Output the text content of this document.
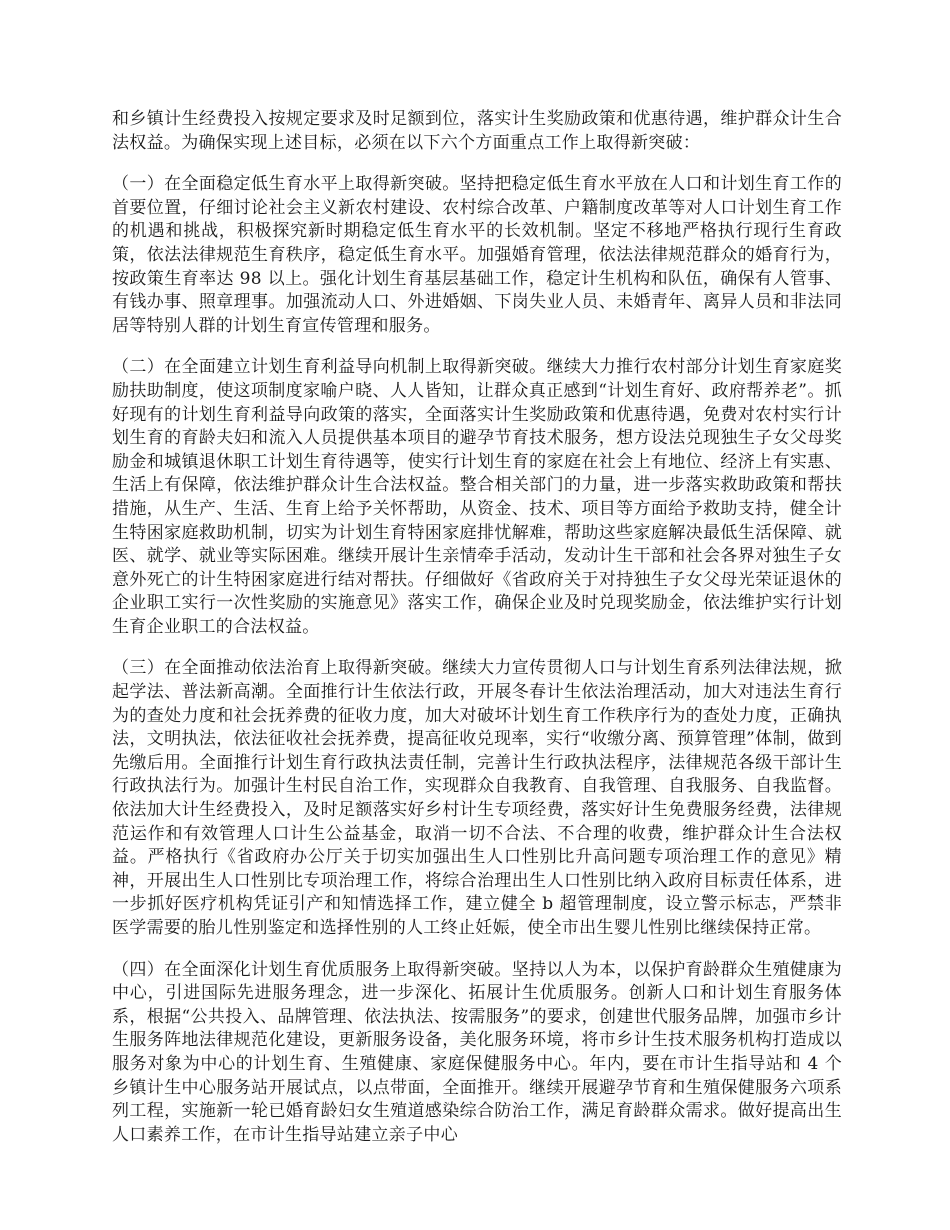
和乡镇计生经费投入按规定要求及时足额到位，落实计生奖励政策和优惠待遇，维护群众计生合法权益。为确保实现上述目标，必须在以下六个方面重点工作上取得新突破：

（一）在全面稳定低生育水平上取得新突破。坚持把稳定低生育水平放在人口和计划生育工作的首要位置，仔细讨论社会主义新农村建设、农村综合改革、户籍制度改革等对人口计划生育工作的机遇和挑战，积极探究新时期稳定低生育水平的长效机制。坚定不移地严格执行现行生育政策，依法法律规范生育秩序，稳定低生育水平。加强婚育管理，依法法律规范群众的婚育行为，按政策生育率达 98 以上。强化计划生育基层基础工作，稳定计生机构和队伍，确保有人管事、有钱办事、照章理事。加强流动人口、外进婚姻、下岗失业人员、未婚青年、离异人员和非法同居等特别人群的计划生育宣传管理和服务。

（二）在全面建立计划生育利益导向机制上取得新突破。继续大力推行农村部分计划生育家庭奖励扶助制度，使这项制度家喻户晓、人人皆知，让群众真正感到“计划生育好、政府帮养老”。抓好现有的计划生育利益导向政策的落实，全面落实计生奖励政策和优惠待遇，免费对农村实行计划生育的育龄夫妇和流入人员提供基本项目的避孕节育技术服务，想方设法兑现独生子女父母奖励金和城镇退休职工计划生育待遇等，使实行计划生育的家庭在社会上有地位、经济上有实惠、生活上有保障，依法维护群众计生合法权益。整合相关部门的力量，进一步落实救助政策和帮扶措施，从生产、生活、生育上给予关怀帮助，从资金、技术、项目等方面给予救助支持，健全计生特困家庭救助机制，切实为计划生育特困家庭排忧解难，帮助这些家庭解决最低生活保障、就医、就学、就业等实际困难。继续开展计生亲情牵手活动，发动计生干部和社会各界对独生子女意外死亡的计生特困家庭进行结对帮扶。仔细做好《省政府关于对持独生子女父母光荣证退休的企业职工实行一次性奖励的实施意见》落实工作，确保企业及时兑现奖励金，依法维护实行计划生育企业职工的合法权益。

（三）在全面推动依法治育上取得新突破。继续大力宣传贯彻人口与计划生育系列法律法规，掀起学法、普法新高潮。全面推行计生依法行政，开展冬春计生依法治理活动，加大对违法生育行为的查处力度和社会抚养费的征收力度，加大对破坏计划生育工作秩序行为的查处力度，正确执法，文明执法，依法征收社会抚养费，提高征收兑现率，实行“收缴分离、预算管理”体制，做到先缴后用。全面推行计划生育行政执法责任制，完善计生行政执法程序，法律规范各级干部计生行政执法行为。加强计生村民自治工作，实现群众自我教育、自我管理、自我服务、自我监督。依法加大计生经费投入，及时足额落实好乡村计生专项经费，落实好计生免费服务经费，法律规范运作和有效管理人口计生公益基金，取消一切不合法、不合理的收费，维护群众计生合法权益。严格执行《省政府办公厅关于切实加强出生人口性别比升高问题专项治理工作的意见》精神，开展出生人口性别比专项治理工作，将综合治理出生人口性别比纳入政府目标责任体系，进一步抓好医疗机构凭证引产和知情选择工作，建立健全 b 超管理制度，设立警示标志，严禁非医学需要的胎儿性别鉴定和选择性别的人工终止妊娠，使全市出生婴儿性别比继续保持正常。

（四）在全面深化计划生育优质服务上取得新突破。坚持以人为本，以保护育龄群众生殖健康为中心，引进国际先进服务理念，进一步深化、拓展计生优质服务。创新人口和计划生育服务体系，根据“公共投入、品牌管理、依法执法、按需服务”的要求，创建世代服务品牌，加强市乡计生服务阵地法律规范化建设，更新服务设备，美化服务环境，将市乡计生技术服务机构打造成以服务对象为中心的计划生育、生殖健康、家庭保健服务中心。年内，要在市计生指导站和 4 个乡镇计生中心服务站开展试点，以点带面，全面推开。继续开展避孕节育和生殖保健服务六项系列工程，实施新一轮已婚育龄妇女生殖道感染综合防治工作，满足育龄群众需求。做好提高出生人口素养工作，在市计生指导站建立亲子中心
